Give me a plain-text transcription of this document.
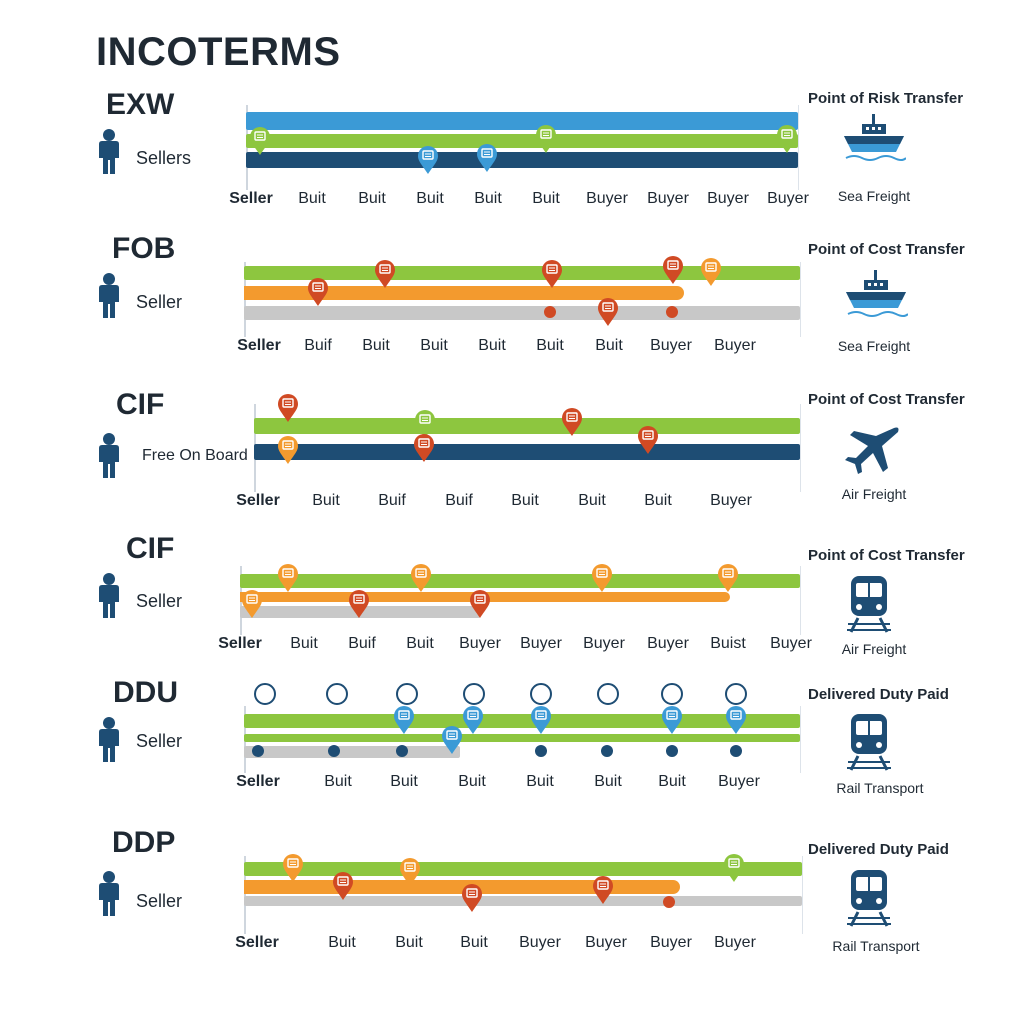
INCOTERMS
EXW
Sellers
Seller Buit Buit Buit Buit Buit Buyer Buyer Buyer Buyer
Point of Risk Transfer
Sea Freight
FOB
Seller
Seller Buif Buit Buit Buit Buit Buit Buyer Buyer
Point of Cost Transfer
Sea Freight
CIF
Free On Board
Seller Buit Buif Buif Buit Buit Buit Buyer
Point of Cost Transfer
Air Freight
CIF
Seller
Seller Buit Buif Buit Buyer Buyer Buyer Buyer Buist Buyer
Point of Cost Transfer
Air Freight
DDU
Seller
Seller	Buit Buit	Buit	Buit	Buit Buit Buyer
Delivered Duty Paid
Rail Transport
DDP
Seller
Seller	Buit Buit Buit Buyer Buyer Buyer Buyer
Delivered Duty Paid
Rail Transport
